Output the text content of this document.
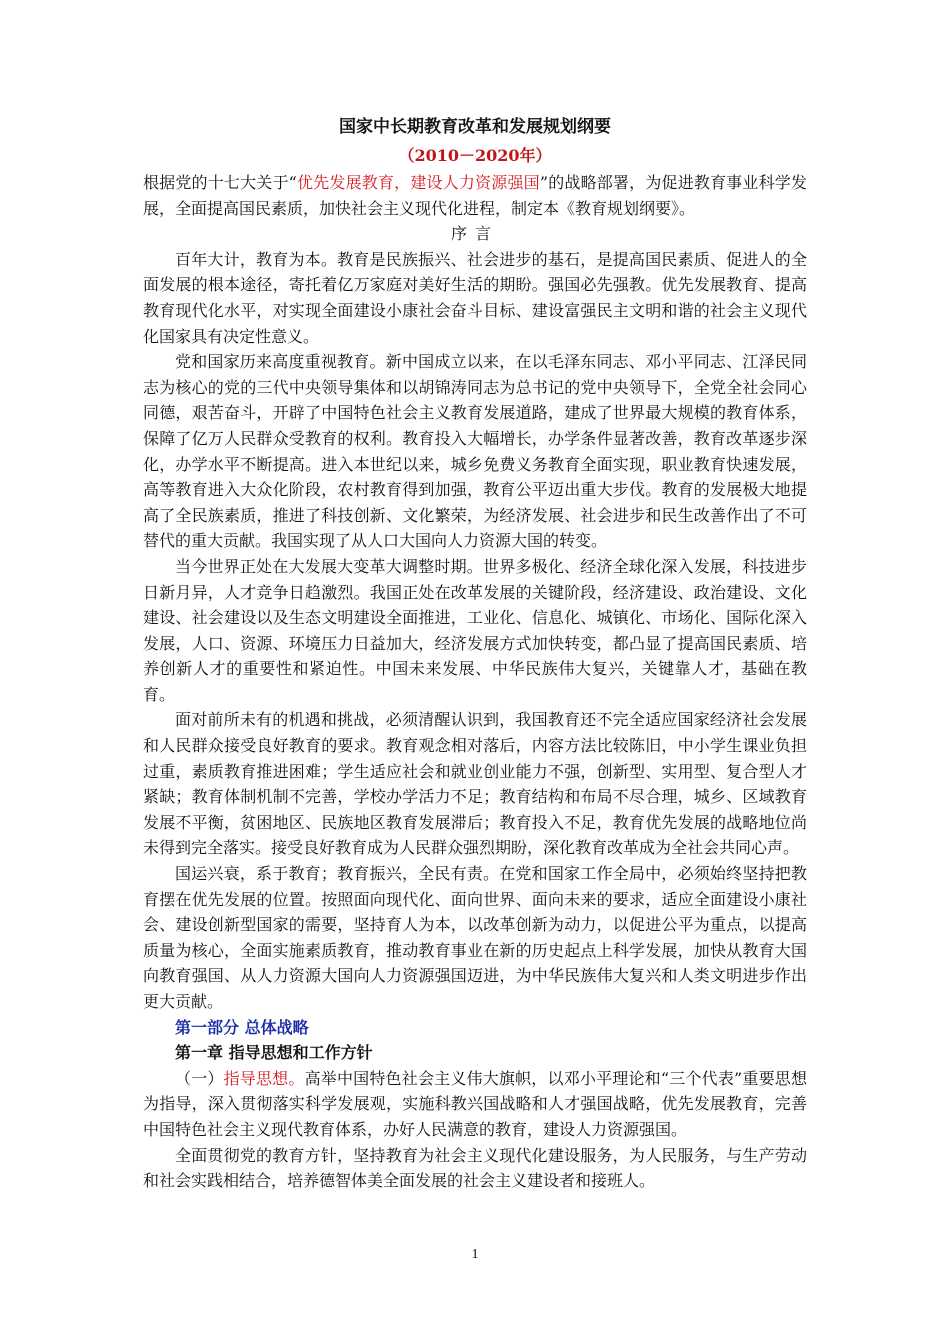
国家中长期教育改革和发展规划纲要
（2010－2020年）

根据党的十七大关于“优先发展教育，建设人力资源强国”的战略部署，为促进教育事业科学发展，全面提高国民素质，加快社会主义现代化进程，制定本《教育规划纲要》。

序言

百年大计，教育为本。教育是民族振兴、社会进步的基石，是提高国民素质、促进人的全面发展的根本途径，寄托着亿万家庭对美好生活的期盼。强国必先强教。优先发展教育、提高教育现代化水平，对实现全面建设小康社会奋斗目标、建设富强民主文明和谐的社会主义现代化国家具有决定性意义。

党和国家历来高度重视教育。新中国成立以来，在以毛泽东同志、邓小平同志、江泽民同志为核心的党的三代中央领导集体和以胡锦涛同志为总书记的党中央领导下，全党全社会同心同德，艰苦奋斗，开辟了中国特色社会主义教育发展道路，建成了世界最大规模的教育体系，保障了亿万人民群众受教育的权利。教育投入大幅增长，办学条件显著改善，教育改革逐步深化，办学水平不断提高。进入本世纪以来，城乡免费义务教育全面实现，职业教育快速发展，高等教育进入大众化阶段，农村教育得到加强，教育公平迈出重大步伐。教育的发展极大地提高了全民族素质，推进了科技创新、文化繁荣，为经济发展、社会进步和民生改善作出了不可替代的重大贡献。我国实现了从人口大国向人力资源大国的转变。

当今世界正处在大发展大变革大调整时期。世界多极化、经济全球化深入发展，科技进步日新月异，人才竞争日趋激烈。我国正处在改革发展的关键阶段，经济建设、政治建设、文化建设、社会建设以及生态文明建设全面推进，工业化、信息化、城镇化、市场化、国际化深入发展，人口、资源、环境压力日益加大，经济发展方式加快转变，都凸显了提高国民素质、培养创新人才的重要性和紧迫性。中国未来发展、中华民族伟大复兴，关键靠人才，基础在教育。

面对前所未有的机遇和挑战，必须清醒认识到，我国教育还不完全适应国家经济社会发展和人民群众接受良好教育的要求。教育观念相对落后，内容方法比较陈旧，中小学生课业负担过重，素质教育推进困难；学生适应社会和就业创业能力不强，创新型、实用型、复合型人才紧缺；教育体制机制不完善，学校办学活力不足；教育结构和布局不尽合理，城乡、区域教育发展不平衡，贫困地区、民族地区教育发展滞后；教育投入不足，教育优先发展的战略地位尚未得到完全落实。接受良好教育成为人民群众强烈期盼，深化教育改革成为全社会共同心声。

国运兴衰，系于教育；教育振兴，全民有责。在党和国家工作全局中，必须始终坚持把教育摆在优先发展的位置。按照面向现代化、面向世界、面向未来的要求，适应全面建设小康社会、建设创新型国家的需要，坚持育人为本，以改革创新为动力，以促进公平为重点，以提高质量为核心，全面实施素质教育，推动教育事业在新的历史起点上科学发展，加快从教育大国向教育强国、从人力资源大国向人力资源强国迈进，为中华民族伟大复兴和人类文明进步作出更大贡献。

第一部分 总体战略
第一章 指导思想和工作方针

（一）指导思想。高举中国特色社会主义伟大旗帜，以邓小平理论和“三个代表”重要思想为指导，深入贯彻落实科学发展观，实施科教兴国战略和人才强国战略，优先发展教育，完善中国特色社会主义现代教育体系，办好人民满意的教育，建设人力资源强国。

全面贯彻党的教育方针，坚持教育为社会主义现代化建设服务，为人民服务，与生产劳动和社会实践相结合，培养德智体美全面发展的社会主义建设者和接班人。

1
